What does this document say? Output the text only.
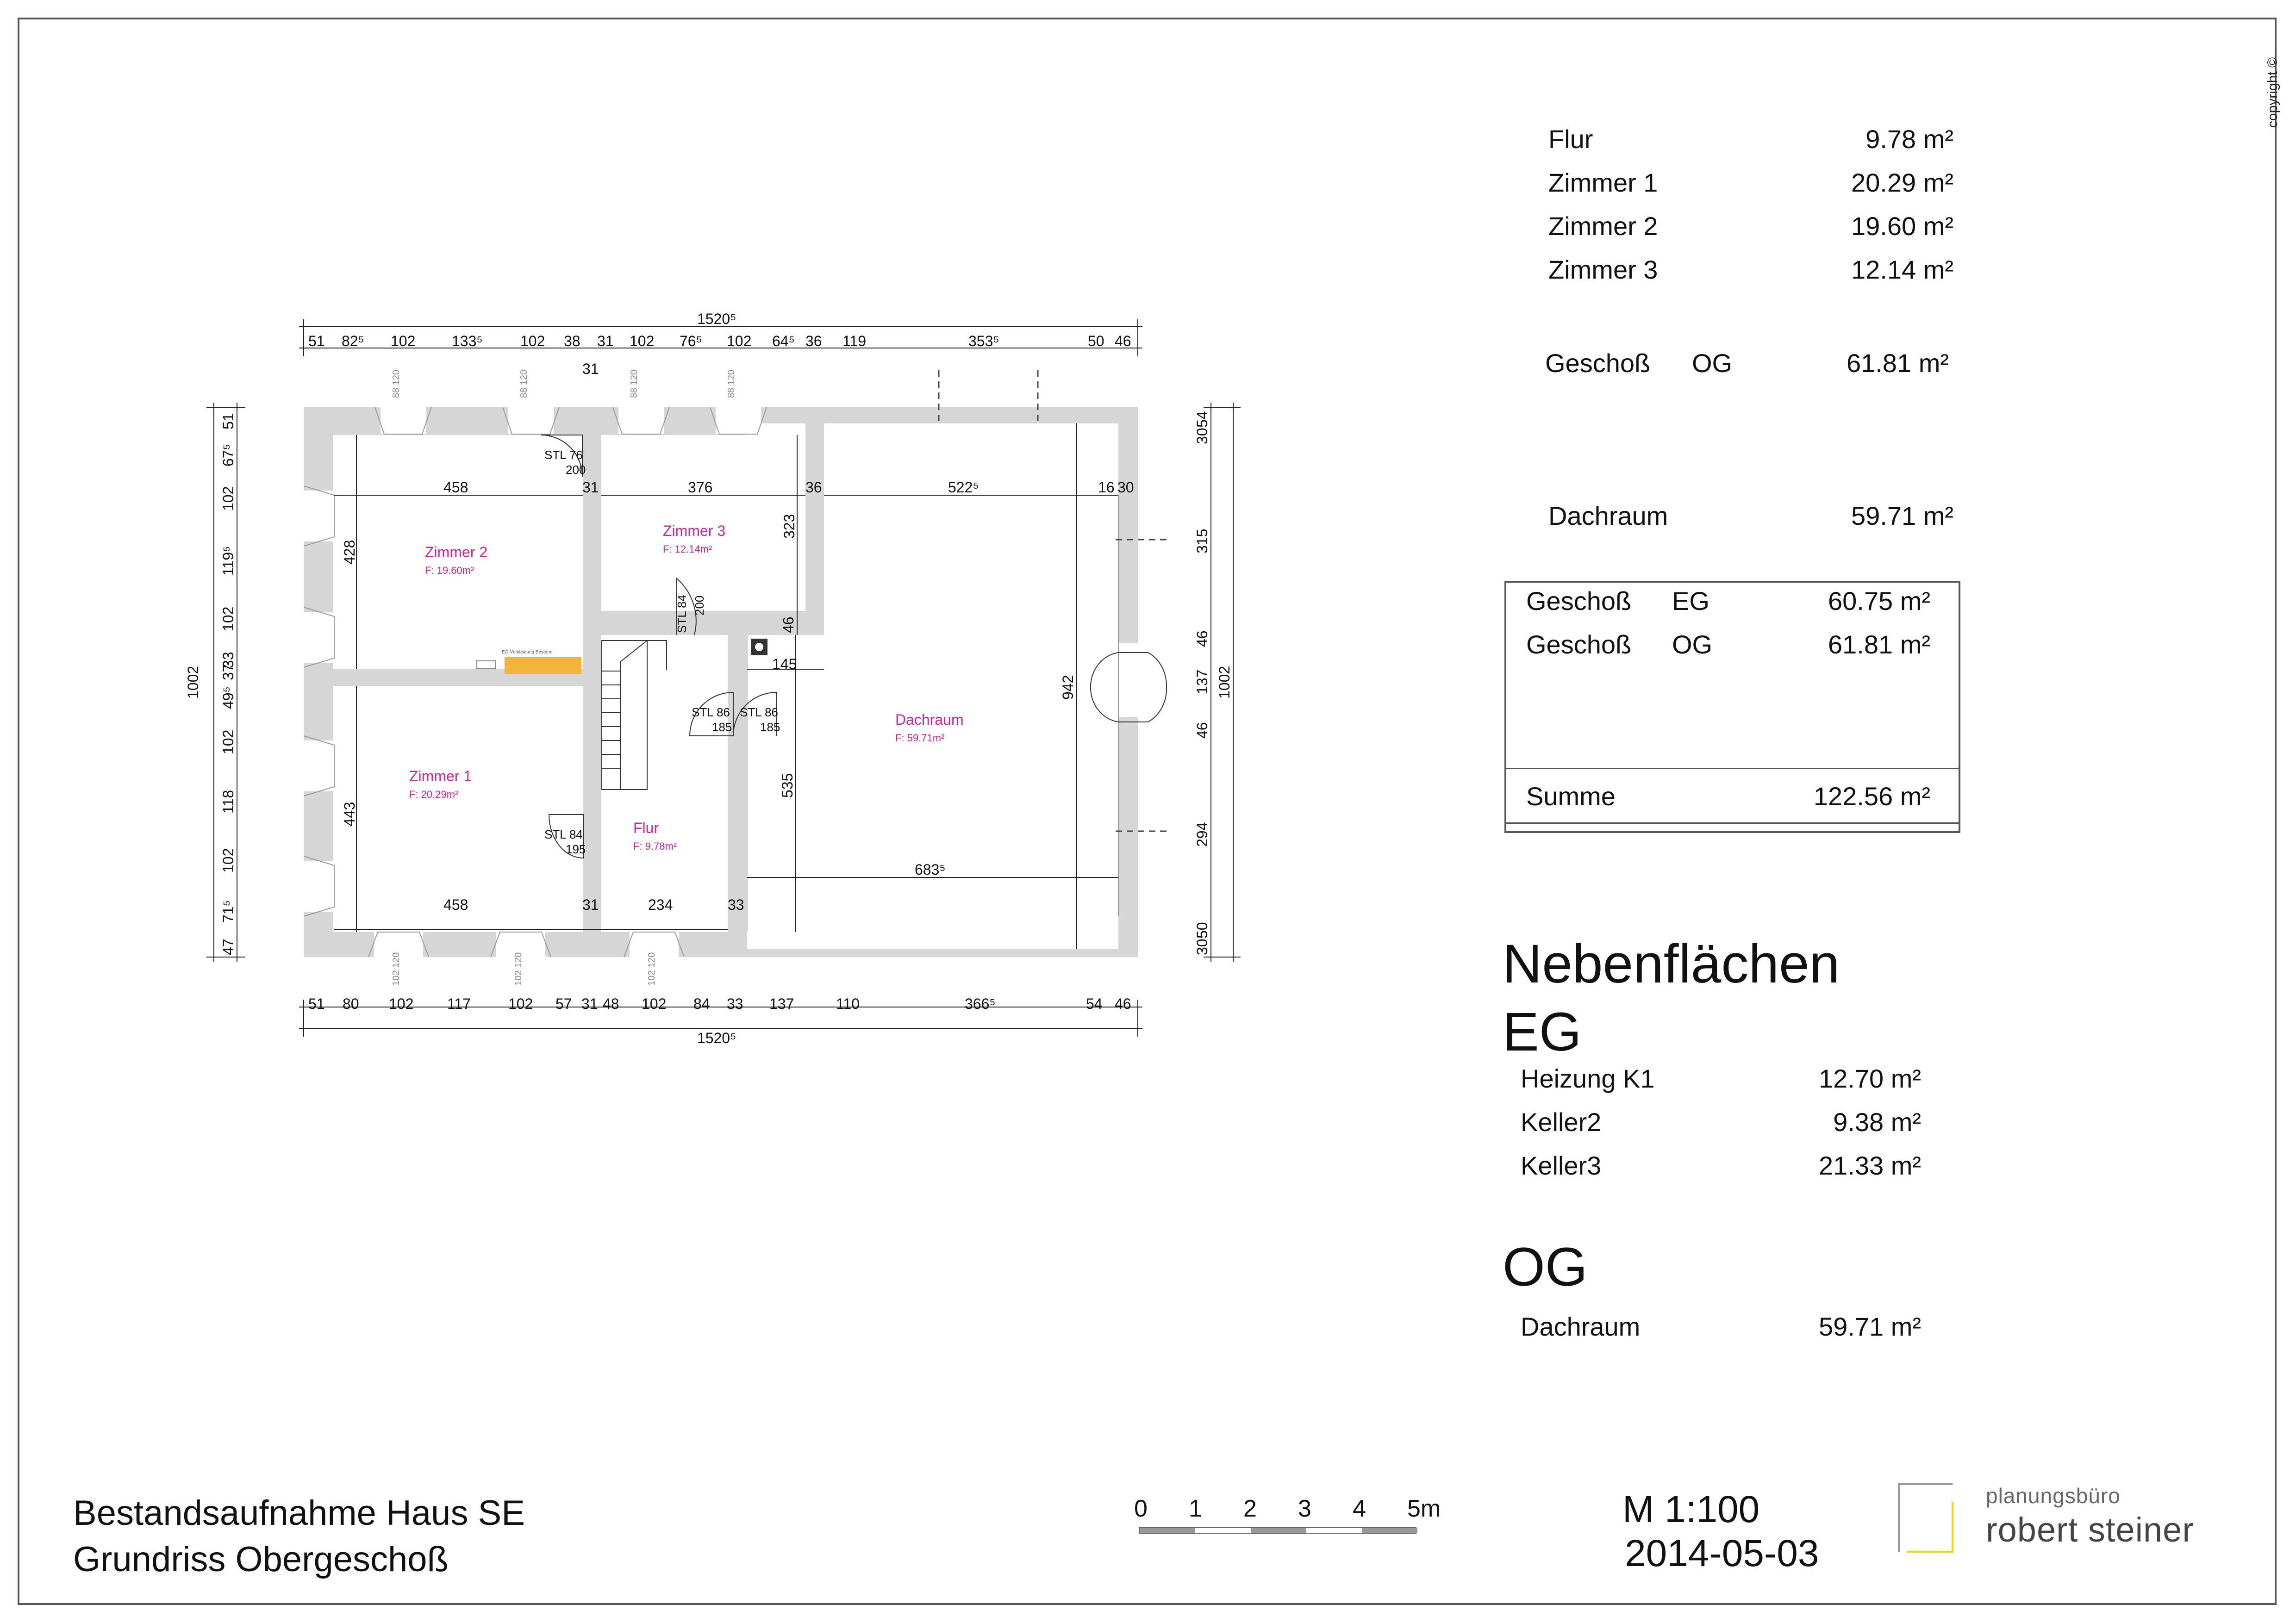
copyright ©
EG-Verkleidung Bestand
Zimmer 2
F: 19.60m²
Zimmer 3
F: 12.14m²
Zimmer 1
F: 20.29m²
Flur
F: 9.78m²
Dachraum
F: 59.71m²
STL 76
200
STL 84 200
STL 86
185
STL 86
185
STL 84
195
88 120	88 120	88 120	88 120
102 120	102 120	102 120
1520⁵
1520⁵
1002	1002
31
51 82⁵ 102 133⁵	102 38 31 102 76⁵ 102 64⁵ 36 119	353⁵	50 46
51 80 102 117	102 57 31 48 102 84 33 137	110	366⁵	54 46
51
67⁵
102
119⁵
102
33
37
49⁵
102
118
102
71⁵
47
54
30
315
46
137
46
294
30
50
458	376
31	36	522⁵	16 30
428
323
46
145
942
535
443
458	31	234	33
683⁵
Flur	9.78 m²
Zimmer 1	20.29 m²
Zimmer 2	19.60 m²
Zimmer 3	12.14 m²
Geschoß OG	61.81 m²
Dachraum	59.71 m²
Geschoß EG	60.75 m²
Geschoß OG	61.81 m²
Summe	122.56 m²
Nebenflächen
EG
Heizung K1	12.70 m²
Keller2	9.38 m²
Keller3	21.33 m²
OG
Dachraum	59.71 m²
Bestandsaufnahme Haus SE
Grundriss Obergeschoß
0 1 2 3 4 5m	M 1:100
2014-05-03
planungsbüro
robert steiner
